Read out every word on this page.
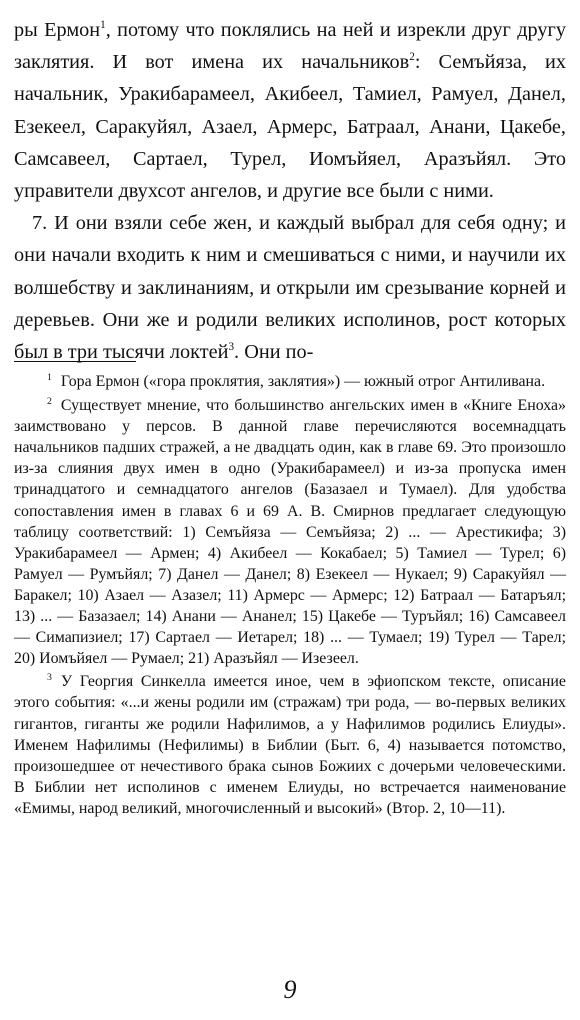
ры Ермон$^1$, потому что поклялись на ней и изрекли друг другу заклятия. И вот имена их начальников$^2$: Семъйяза, их начальник, Уракибарамеел, Акибеел, Тамиел, Рамуел, Данел, Езекеел, Саракуйял, Азаел, Армерс, Батраал, Анани, Цакебе, Самсавеел, Сартаел, Турел, Иомъйяел, Аразъйял. Это управители двухсот ангелов, и другие все были с ними.

7. И они взяли себе жен, и каждый выбрал для себя одну; и они начали входить к ним и смешиваться с ними, и научили их волшебству и заклинаниям, и открыли им срезывание корней и деревьев. Они же и родили великих исполинов, рост которых был в три тысячи локтей$^3$. Они по-

$^1$ Гора Ермон («гора проклятия, заклятия») — южный отрог Антиливана.

$^2$ Существует мнение, что большинство ангельских имен в «Книге Еноха» заимствовано у персов. В данной главе перечисляются восемнадцать начальников падших стражей, а не двадцать один, как в главе 69. Это произошло из-за слияния двух имен в одно (Уракибарамеел) и из-за пропуска имен тринадцатого и семнадцатого ангелов (Базазаел и Тумаел). Для удобства сопоставления имен в главах 6 и 69 А. В. Смирнов предлагает следующую таблицу соответствий: 1) Семъйяза — Семъйяза; 2) ... — Арестикифа; 3) Уракибарамеел — Армен; 4) Акибеел — Кокабаел; 5) Тамиел — Турел; 6) Рамуел — Румъйял; 7) Данел — Данел; 8) Езекеел — Нукаел; 9) Саракуйял — Баракел; 10) Азаел — Азазел; 11) Армерс — Армерс; 12) Батраал — Батаръял; 13) ... — Базазаел; 14) Анани — Ананел; 15) Цакебе — Туръйял; 16) Самсавеел — Симапизиел; 17) Сартаел — Иетарел; 18) ... — Тумаел; 19) Турел — Тарел; 20) Иомъйяел — Румаел; 21) Аразъйял — Изезеел.

$^3$ У Георгия Синкелла имеется иное, чем в эфиопском тексте, описание этого события: «...и жены родили им (стражам) три рода, — во-первых великих гигантов, гиганты же родили Нафилимов, а у Нафилимов родились Елиуды». Именем Нафилимы (Нефилимы) в Библии (Быт. 6, 4) называется потомство, произошедшее от нечестивого брака сынов Божиих с дочерьми человеческими. В Библии нет исполинов с именем Елиуды, но встречается наименование «Емимы, народ великий, многочисленный и высокий» (Втор. 2, 10—11).

9
